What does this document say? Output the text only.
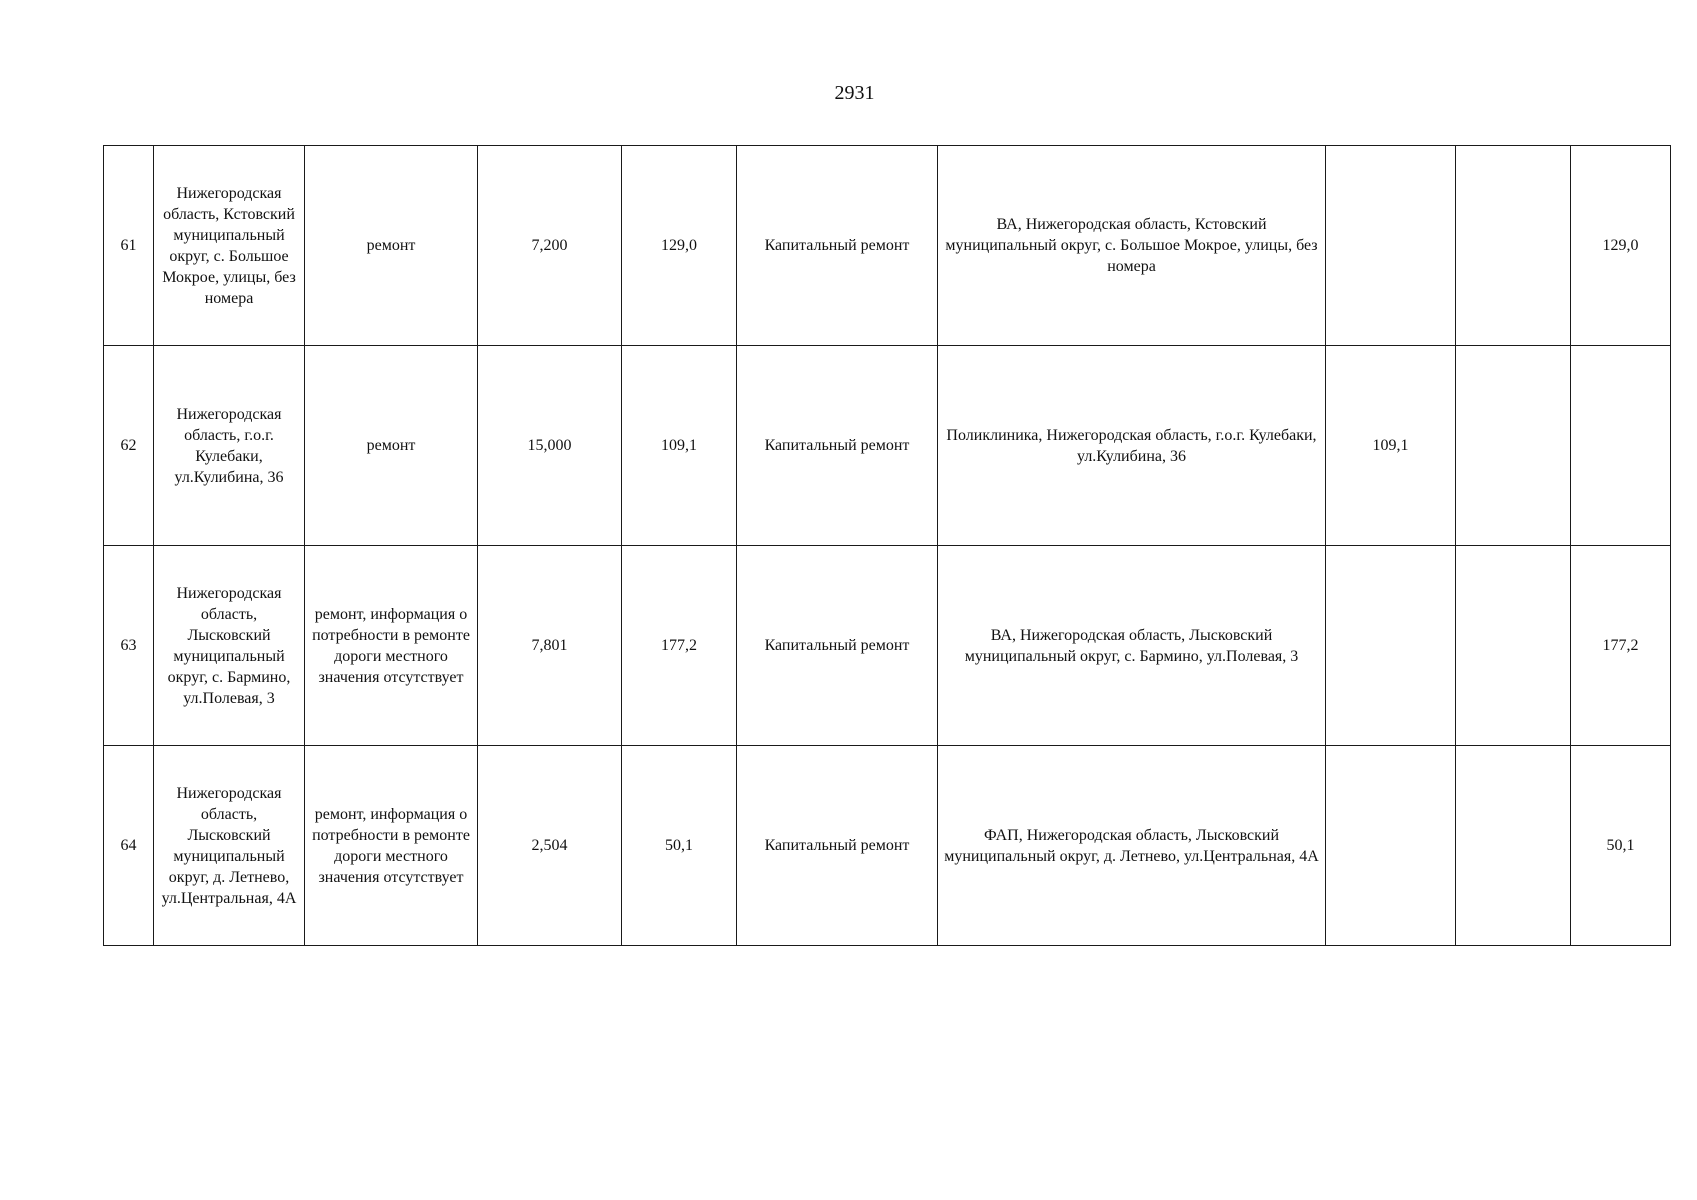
2931
61	Нижегородская область, Кстовский муниципальный округ, с. Большое Мокрое, улицы, без номера	ремонт	7,200	129,0	Капитальный ремонт	ВА, Нижегородская область, Кстовский муниципальный округ, с. Большое Мокрое, улицы, без номера			129,0
62	Нижегородская область, г.о.г. Кулебаки, ул.Кулибина, 36	ремонт	15,000	109,1	Капитальный ремонт	Поликлиника, Нижегородская область, г.о.г. Кулебаки, ул.Кулибина, 36	109,1		
63	Нижегородская область, Лысковский муниципальный округ, с. Бармино, ул.Полевая, 3	ремонт, информация о потребности в ремонте дороги местного значения отсутствует	7,801	177,2	Капитальный ремонт	ВА, Нижегородская область, Лысковский муниципальный округ, с. Бармино, ул.Полевая, 3			177,2
64	Нижегородская область, Лысковский муниципальный округ, д. Летнево, ул.Центральная, 4А	ремонт, информация о потребности в ремонте дороги местного значения отсутствует	2,504	50,1	Капитальный ремонт	ФАП, Нижегородская область, Лысковский муниципальный округ, д. Летнево, ул.Центральная, 4А			50,1
